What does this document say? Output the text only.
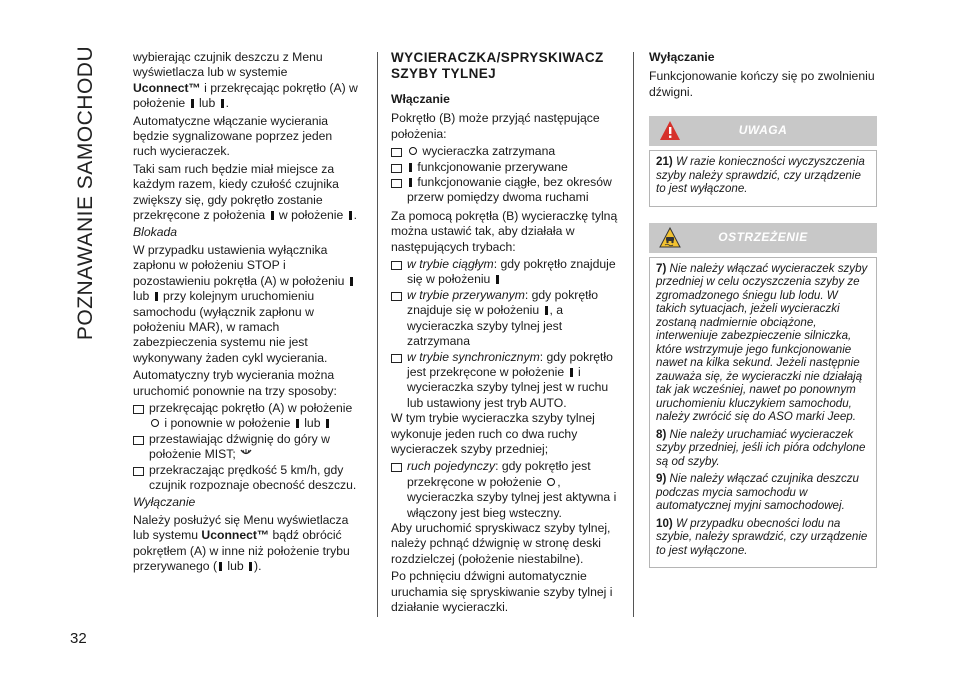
POZNAWANIE SAMOCHODU	wybierając czujnik deszczu z Menu wyświetlacza lub w systemie Uconnect™ i przekręcając pokrętło (A) w położenie lub .

Automatyczne włączanie wycierania będzie sygnalizowane poprzez jeden ruch wycieraczek.

Taki sam ruch będzie miał miejsce za każdym razem, kiedy czułość czujnika zwiększy się, gdy pokrętło zostanie przekręcone z położenia w położenie .

Blokada

W przypadku ustawienia wyłącznika zapłonu w położeniu STOP i pozostawieniu pokrętła (A) w położeniu  lub przy kolejnym uruchomieniu samochodu (wyłącznik zapłonu w położeniu MAR), w ramach zabezpieczenia systemu nie jest wykonywany żaden cykl wycierania.

Automatyczny tryb wycierania można uruchomić ponownie na trzy sposoby:

przekręcając pokrętło (A) w położenie  i ponownie w położenie lub
przestawiając dźwignię do góry w położenie MIST;
przekraczając prędkość 5 km/h, gdy czujnik rozpoznaje obecność deszczu.

Wyłączanie

Należy posłużyć się Menu wyświetlacza lub systemu Uconnect™ bądź obrócić pokrętłem (A) w inne niż położenie trybu przerywanego ( lub ).

WYCIERACZKA/SPRYSKIWACZ SZYBY TYLNEJ
Włączanie

Pokrętło (B) może przyjąć następujące położenia:

wycieraczka zatrzymana
funkcjonowanie przerywane
funkcjonowanie ciągłe, bez okresów przerw pomiędzy dwoma ruchami

Za pomocą pokrętła (B) wycieraczkę tylną można ustawić tak, aby działała w następujących trybach:

w trybie ciągłym: gdy pokrętło znajduje się w położeniu
w trybie przerywanym: gdy pokrętło znajduje się w położeniu , a wycieraczka szyby tylnej jest zatrzymana
w trybie synchronicznym: gdy pokrętło jest przekręcone w położenie i wycieraczka szyby tylnej jest w ruchu lub ustawiony jest tryb AUTO.

W tym trybie wycieraczka szyby tylnej wykonuje jeden ruch co dwa ruchy wycieraczek szyby przedniej;

ruch pojedynczy: gdy pokrętło jest przekręcone w położenie , wycieraczka szyby tylnej jest aktywna i włączony jest bieg wsteczny.

Aby uruchomić spryskiwacz szyby tylnej, należy pchnąć dźwignię w stronę deski rozdzielczej (położenie niestabilne).

Po pchnięciu dźwigni automatycznie uruchamia się spryskiwanie szyby tylnej i działanie wycieraczki.

Wyłączanie

Funkcjonowanie kończy się po zwolnieniu dźwigni.

UWAGA

21) W razie konieczności wyczyszczenia szyby należy sprawdzić, czy urządzenie to jest wyłączone.

OSTRZEŻENIE

7) Nie należy włączać wycieraczek szyby przedniej w celu oczyszczenia szyby ze zgromadzonego śniegu lub lodu. W takich sytuacjach, jeżeli wycieraczki zostaną nadmiernie obciążone, interweniuje zabezpieczenie silniczka, które wstrzymuje jego funkcjonowanie nawet na kilka sekund. Jeżeli następnie zauważa się, że wycieraczki nie działają tak jak wcześniej, nawet po ponownym uruchomieniu kluczykiem samochodu, należy zwrócić się do ASO marki Jeep.

8) Nie należy uruchamiać wycieraczek szyby przedniej, jeśli ich pióra odchylone są od szyby.

9) Nie należy włączać czujnika deszczu podczas mycia samochodu w automatycznej myjni samochodowej.

10) W przypadku obecności lodu na szybie, należy sprawdzić, czy urządzenie to jest wyłączone.

32
